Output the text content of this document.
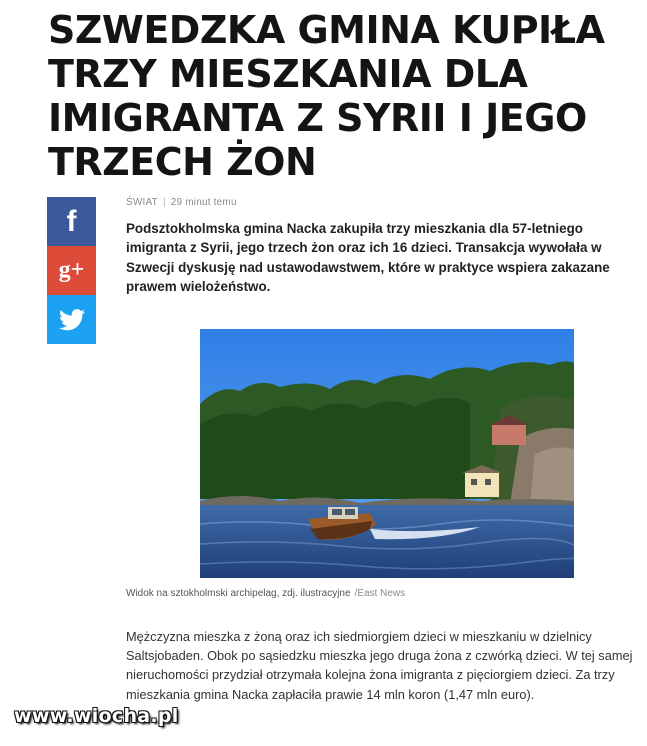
SZWEDZKA GMINA KUPIŁA TRZY MIESZKANIA DLA IMIGRANTA Z SYRII I JEGO TRZECH ŻON
f
g+
ŚWIAT | 29 minut temu

Podsztokholmska gmina Nacka zakupiła trzy mieszkania dla 57-letniego imigranta z Syrii, jego trzech żon oraz ich 16 dzieci. Transakcja wywołała w Szwecji dyskusję nad ustawodawstwem, które w praktyce wspiera zakazane prawem wielożeństwo.

Widok na sztokholmski archipelag, zdj. ilustracyjne /East News

Mężczyzna mieszka z żoną oraz ich siedmiorgiem dzieci w mieszkaniu w dzielnicy Saltsjobaden. Obok po sąsiedzku mieszka jego druga żona z czwórką dzieci. W tej samej nieruchomości przydział otrzymała kolejna żona imigranta z pięciorgiem dzieci. Za trzy mieszkania gmina Nacka zapłaciła prawie 14 mln koron (1,47 mln euro).

www.wiocha.pl
